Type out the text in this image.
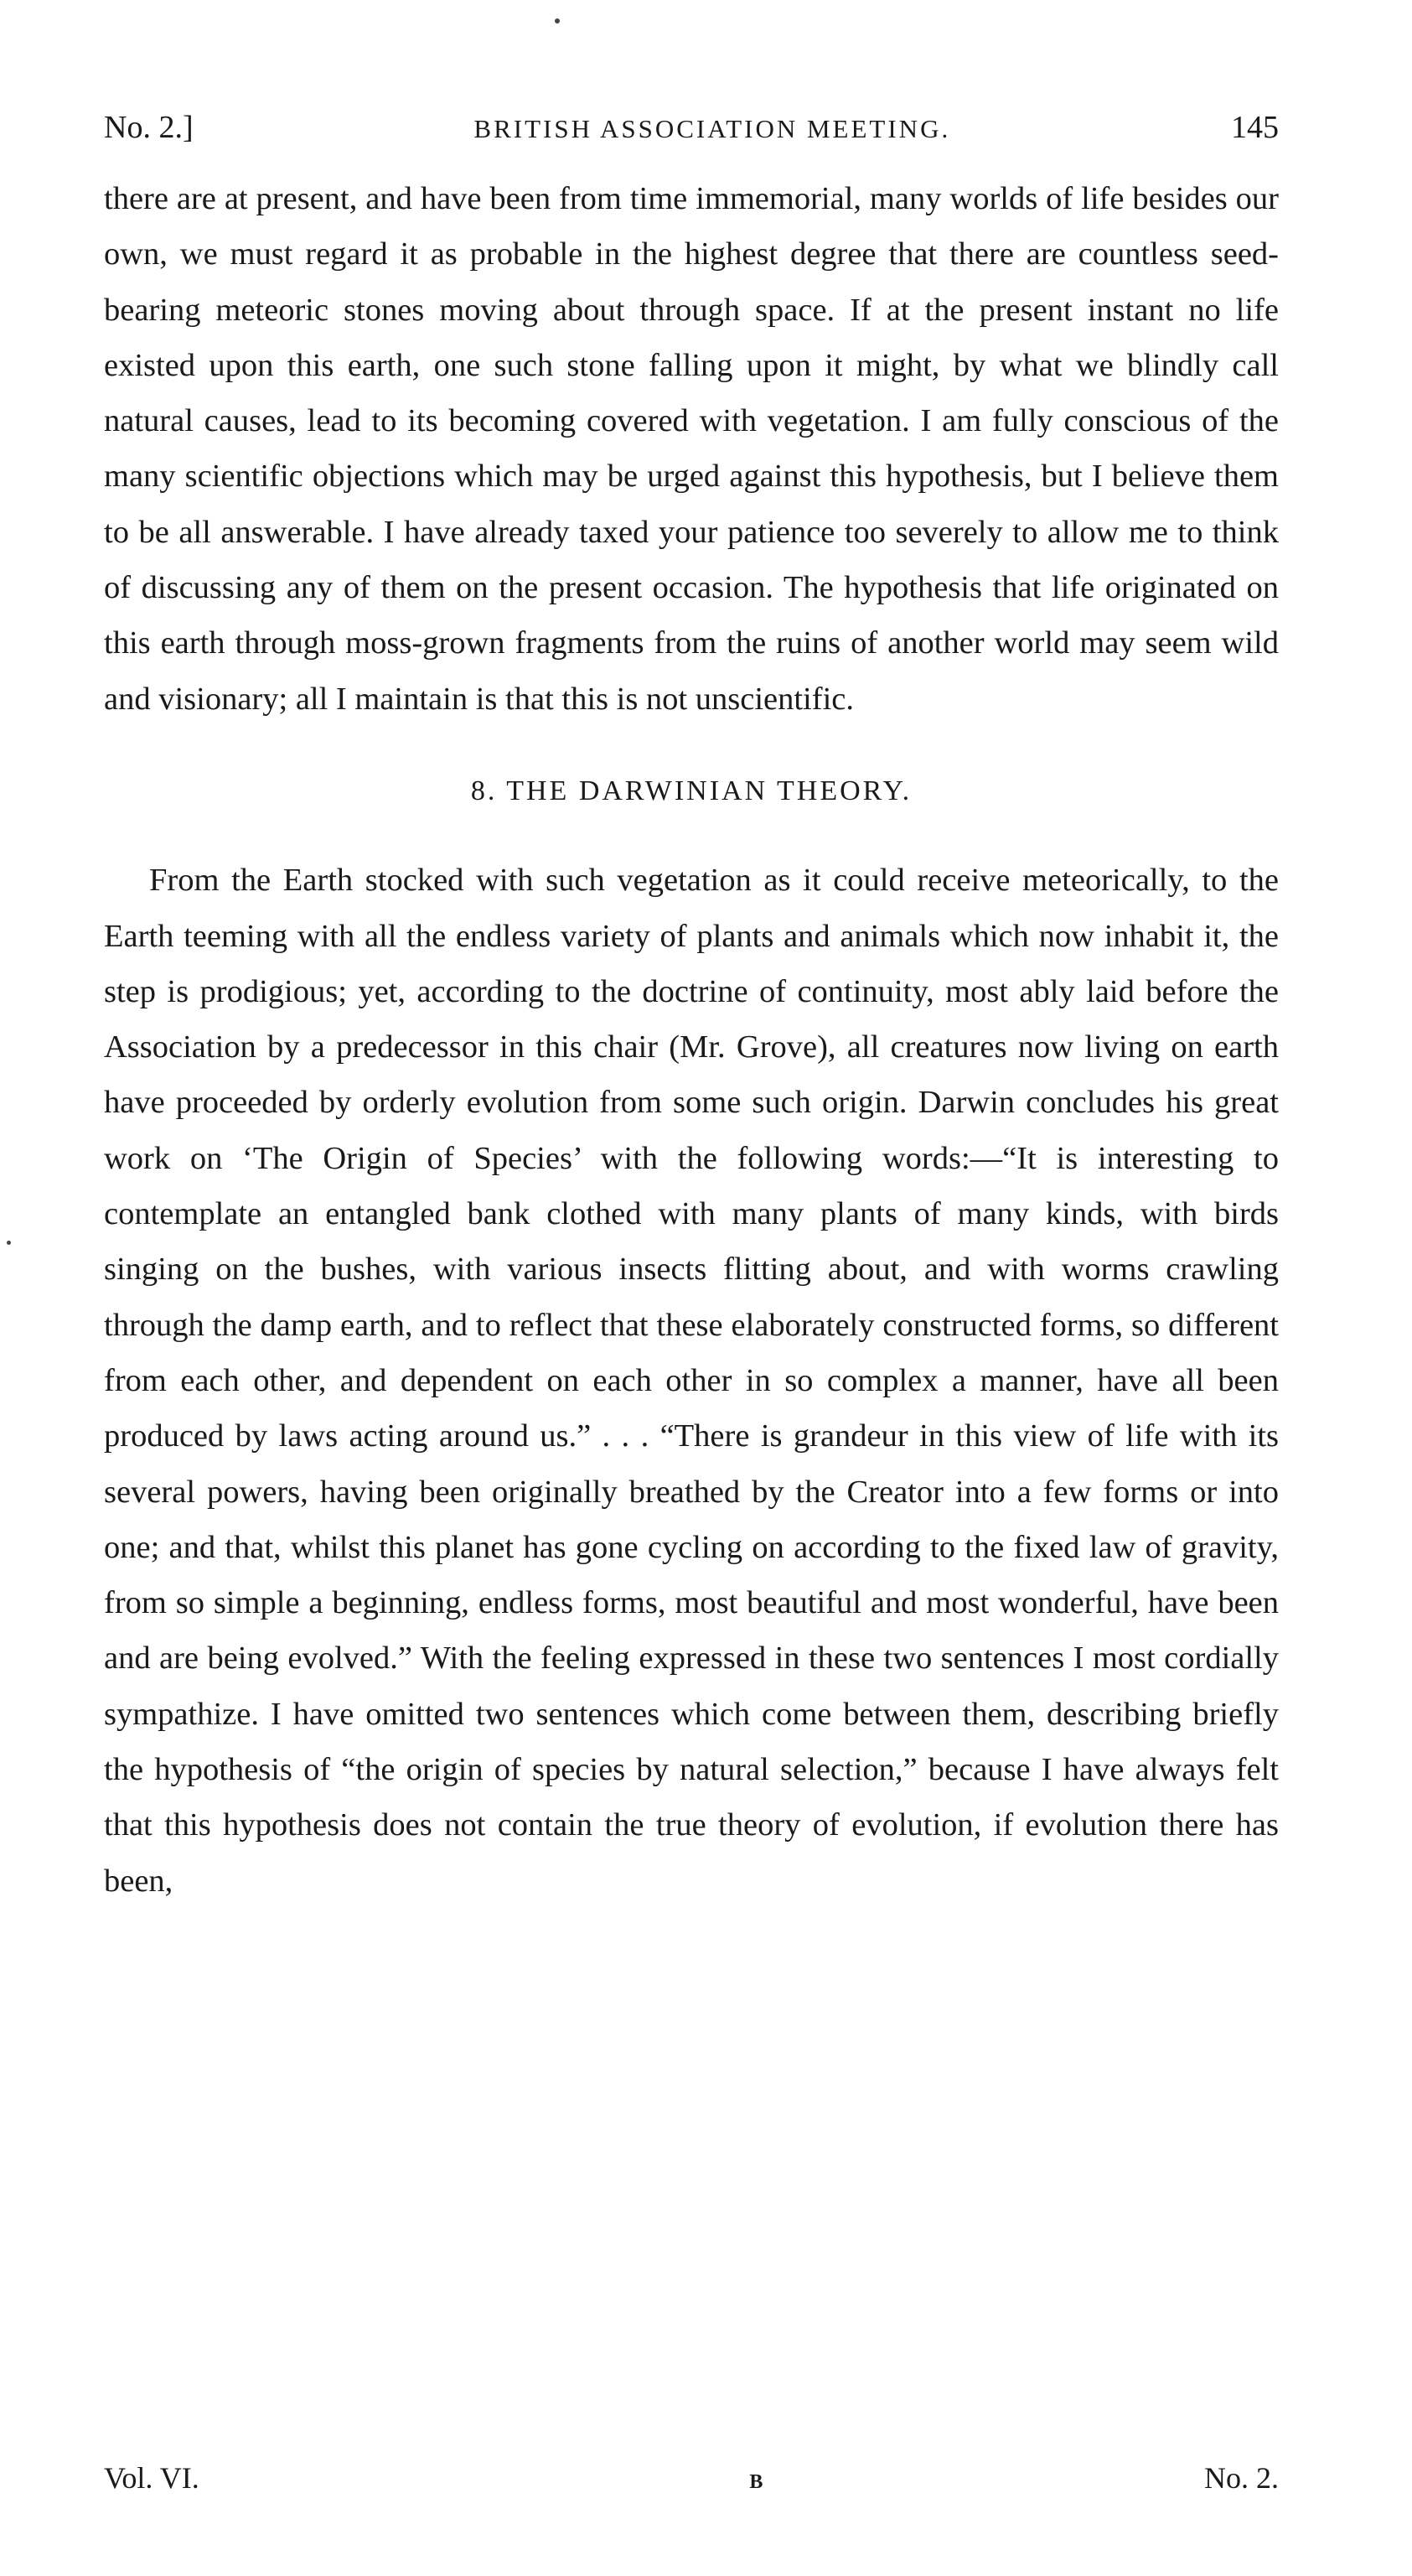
No. 2.]	BRITISH ASSOCIATION MEETING.	145

there are at present, and have been from time immemorial, many worlds of life besides our own, we must regard it as probable in the highest degree that there are countless seed-bearing meteoric stones moving about through space. If at the present instant no life existed upon this earth, one such stone falling upon it might, by what we blindly call natural causes, lead to its becoming covered with vegetation. I am fully conscious of the many scientific objections which may be urged against this hypothesis, but I believe them to be all answerable. I have already taxed your patience too severely to allow me to think of discussing any of them on the present occasion. The hypothesis that life originated on this earth through moss-grown fragments from the ruins of another world may seem wild and visionary; all I maintain is that this is not unscientific.

8. THE DARWINIAN THEORY.

From the Earth stocked with such vegetation as it could receive meteorically, to the Earth teeming with all the endless variety of plants and animals which now inhabit it, the step is prodigious; yet, according to the doctrine of continuity, most ably laid before the Association by a predecessor in this chair (Mr. Grove), all creatures now living on earth have proceeded by orderly evolution from some such origin. Darwin concludes his great work on ‘The Origin of Species’ with the following words:—“It is interesting to contemplate an entangled bank clothed with many plants of many kinds, with birds singing on the bushes, with various insects flitting about, and with worms crawling through the damp earth, and to reflect that these elaborately constructed forms, so different from each other, and dependent on each other in so complex a manner, have all been produced by laws acting around us.” . . . “There is grandeur in this view of life with its several powers, having been originally breathed by the Creator into a few forms or into one; and that, whilst this planet has gone cycling on according to the fixed law of gravity, from so simple a beginning, endless forms, most beautiful and most wonderful, have been and are being evolved.” With the feeling expressed in these two sentences I most cordially sympathize. I have omitted two sentences which come between them, describing briefly the hypothesis of “the origin of species by natural selection,” because I have always felt that this hypothesis does not contain the true theory of evolution, if evolution there has been,

Vol. VI.	B	No. 2.
